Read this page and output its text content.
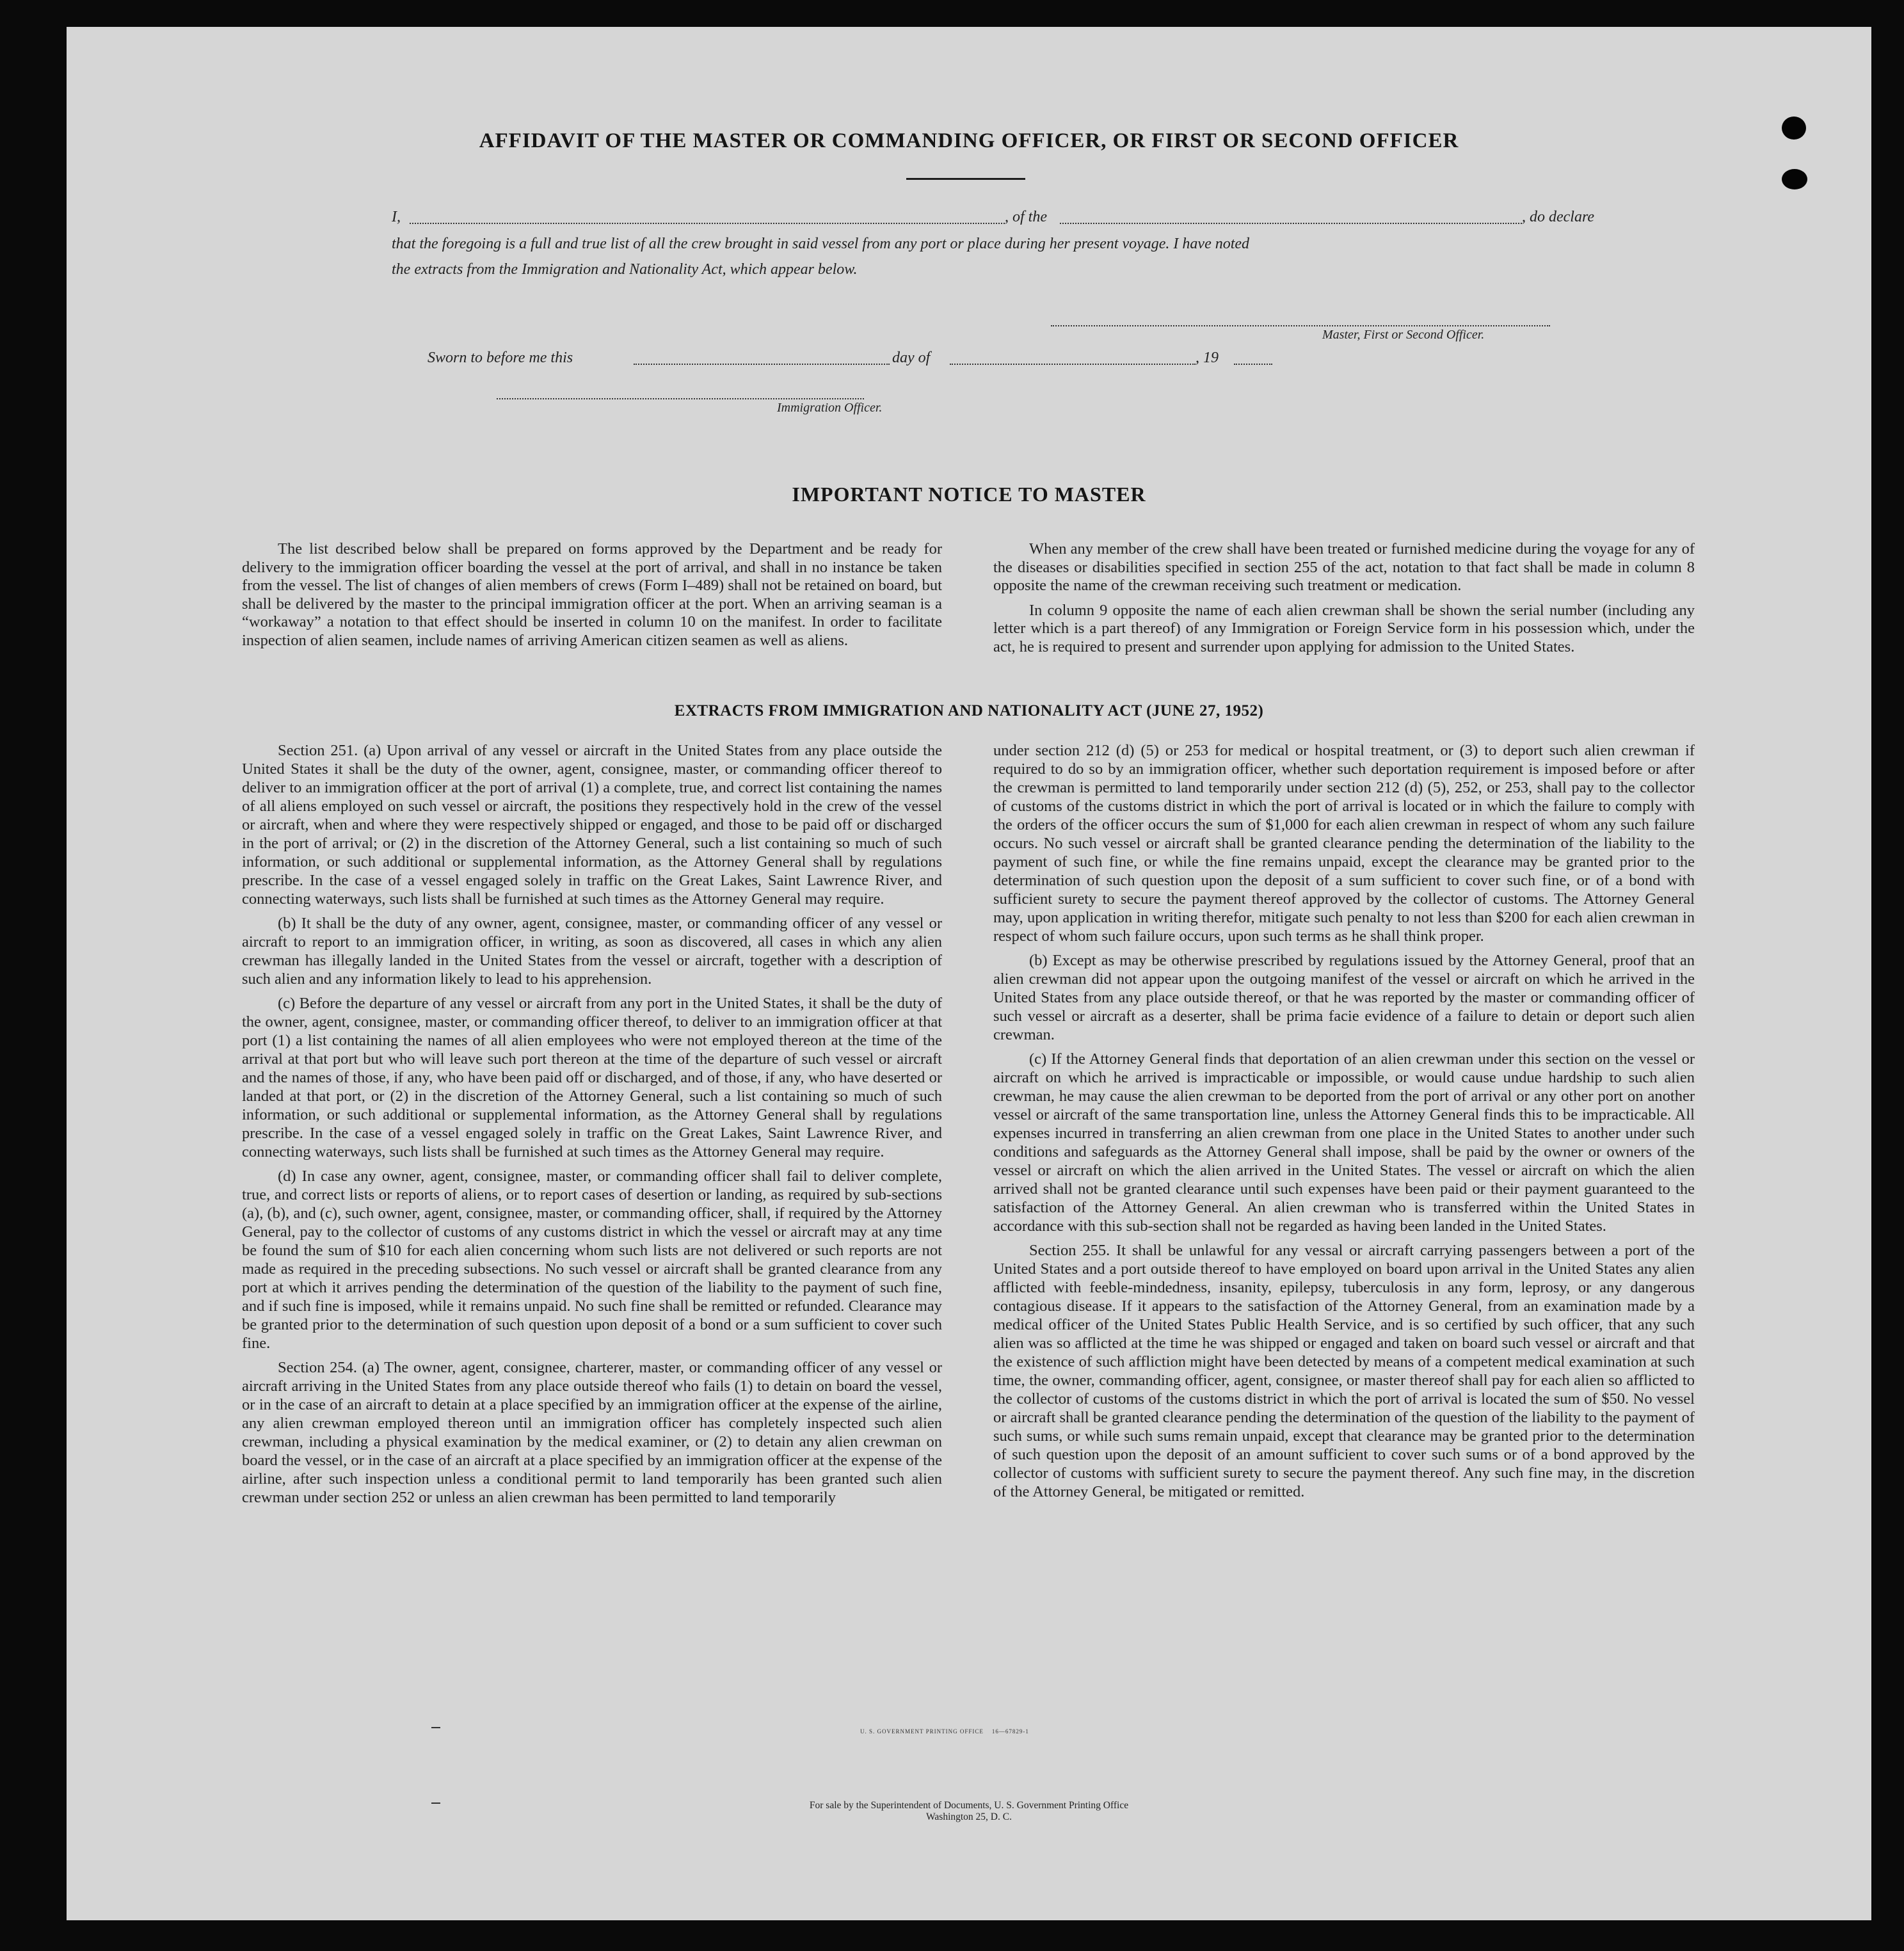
AFFIDAVIT OF THE MASTER OR COMMANDING OFFICER, OR FIRST OR SECOND OFFICER
I,	, of the	, do declare
that the foregoing is a full and true list of all the crew brought in said vessel from any port or place during her present voyage. I have noted
the extracts from the Immigration and Nationality Act, which appear below.
Master, First or Second Officer.
Sworn to before me this	day of	, 19
Immigration Officer.
IMPORTANT NOTICE TO MASTER

The list described below shall be prepared on forms approved by the Department and be ready for delivery to the immigration officer boarding the vessel at the port of arrival, and shall in no instance be taken from the vessel. The list of changes of alien members of crews (Form I–489) shall not be retained on board, but shall be delivered by the master to the principal immigration officer at the port. When an arriving seaman is a “workaway” a notation to that effect should be inserted in column 10 on the manifest. In order to facilitate inspection of alien seamen, include names of arriving American citizen seamen as well as aliens.

When any member of the crew shall have been treated or furnished medicine during the voyage for any of the diseases or disabilities specified in section 255 of the act, notation to that fact shall be made in column 8 opposite the name of the crewman receiving such treatment or medication.

In column 9 opposite the name of each alien crewman shall be shown the serial number (including any letter which is a part thereof) of any Immigration or Foreign Service form in his possession which, under the act, he is required to present and surrender upon applying for admission to the United States.

EXTRACTS FROM IMMIGRATION AND NATIONALITY ACT (JUNE 27, 1952)

Section 251. (a) Upon arrival of any vessel or aircraft in the United States from any place outside the United States it shall be the duty of the owner, agent, consignee, master, or commanding officer thereof to deliver to an immigration officer at the port of arrival (1) a complete, true, and correct list containing the names of all aliens employed on such vessel or aircraft, the positions they respectively hold in the crew of the vessel or aircraft, when and where they were respectively shipped or engaged, and those to be paid off or discharged in the port of arrival; or (2) in the discretion of the Attorney General, such a list containing so much of such information, or such additional or supplemental information, as the Attorney General shall by regulations prescribe. In the case of a vessel engaged solely in traffic on the Great Lakes, Saint Lawrence River, and connecting waterways, such lists shall be furnished at such times as the Attorney General may require.

(b) It shall be the duty of any owner, agent, consignee, master, or commanding officer of any vessel or aircraft to report to an immigration officer, in writing, as soon as discovered, all cases in which any alien crewman has illegally landed in the United States from the vessel or aircraft, together with a description of such alien and any information likely to lead to his apprehension.

(c) Before the departure of any vessel or aircraft from any port in the United States, it shall be the duty of the owner, agent, consignee, master, or commanding officer thereof, to deliver to an immigration officer at that port (1) a list containing the names of all alien employees who were not employed thereon at the time of the arrival at that port but who will leave such port thereon at the time of the departure of such vessel or aircraft and the names of those, if any, who have been paid off or discharged, and of those, if any, who have deserted or landed at that port, or (2) in the discretion of the Attorney General, such a list containing so much of such information, or such additional or supplemental information, as the Attorney General shall by regulations prescribe. In the case of a vessel engaged solely in traffic on the Great Lakes, Saint Lawrence River, and connecting waterways, such lists shall be furnished at such times as the Attorney General may require.

(d) In case any owner, agent, consignee, master, or commanding officer shall fail to deliver complete, true, and correct lists or reports of aliens, or to report cases of desertion or landing, as required by sub-sections (a), (b), and (c), such owner, agent, consignee, master, or commanding officer, shall, if required by the Attorney General, pay to the collector of customs of any customs district in which the vessel or aircraft may at any time be found the sum of $10 for each alien concerning whom such lists are not delivered or such reports are not made as required in the preceding subsections. No such vessel or aircraft shall be granted clearance from any port at which it arrives pending the determination of the question of the liability to the payment of such fine, and if such fine is imposed, while it remains unpaid. No such fine shall be remitted or refunded. Clearance may be granted prior to the determination of such question upon deposit of a bond or a sum sufficient to cover such fine.

Section 254. (a) The owner, agent, consignee, charterer, master, or commanding officer of any vessel or aircraft arriving in the United States from any place outside thereof who fails (1) to detain on board the vessel, or in the case of an aircraft to detain at a place specified by an immigration officer at the expense of the airline, any alien crewman employed thereon until an immigration officer has completely inspected such alien crewman, including a physical examination by the medical examiner, or (2) to detain any alien crewman on board the vessel, or in the case of an aircraft at a place specified by an immigration officer at the expense of the airline, after such inspection unless a conditional permit to land temporarily has been granted such alien crewman under section 252 or unless an alien crewman has been permitted to land temporarily

under section 212 (d) (5) or 253 for medical or hospital treatment, or (3) to deport such alien crewman if required to do so by an immigration officer, whether such deportation requirement is imposed before or after the crewman is permitted to land temporarily under section 212 (d) (5), 252, or 253, shall pay to the collector of customs of the customs district in which the port of arrival is located or in which the failure to comply with the orders of the officer occurs the sum of $1,000 for each alien crewman in respect of whom any such failure occurs. No such vessel or aircraft shall be granted clearance pending the determination of the liability to the payment of such fine, or while the fine remains unpaid, except the clearance may be granted prior to the determination of such question upon the deposit of a sum sufficient to cover such fine, or of a bond with sufficient surety to secure the payment thereof approved by the collector of customs. The Attorney General may, upon application in writing therefor, mitigate such penalty to not less than $200 for each alien crewman in respect of whom such failure occurs, upon such terms as he shall think proper.

(b) Except as may be otherwise prescribed by regulations issued by the Attorney General, proof that an alien crewman did not appear upon the outgoing manifest of the vessel or aircraft on which he arrived in the United States from any place outside thereof, or that he was reported by the master or commanding officer of such vessel or aircraft as a deserter, shall be prima facie evidence of a failure to detain or deport such alien crewman.

(c) If the Attorney General finds that deportation of an alien crewman under this section on the vessel or aircraft on which he arrived is impracticable or impossible, or would cause undue hardship to such alien crewman, he may cause the alien crewman to be deported from the port of arrival or any other port on another vessel or aircraft of the same transportation line, unless the Attorney General finds this to be impracticable. All expenses incurred in transferring an alien crewman from one place in the United States to another under such conditions and safeguards as the Attorney General shall impose, shall be paid by the owner or owners of the vessel or aircraft on which the alien arrived in the United States. The vessel or aircraft on which the alien arrived shall not be granted clearance until such expenses have been paid or their payment guaranteed to the satisfaction of the Attorney General. An alien crewman who is transferred within the United States in accordance with this sub-section shall not be regarded as having been landed in the United States.

Section 255. It shall be unlawful for any vessal or aircraft carrying passengers between a port of the United States and a port outside thereof to have employed on board upon arrival in the United States any alien afflicted with feeble-mindedness, insanity, epilepsy, tuberculosis in any form, leprosy, or any dangerous contagious disease. If it appears to the satisfaction of the Attorney General, from an examination made by a medical officer of the United States Public Health Service, and is so certified by such officer, that any such alien was so afflicted at the time he was shipped or engaged and taken on board such vessel or aircraft and that the existence of such affliction might have been detected by means of a competent medical examination at such time, the owner, commanding officer, agent, consignee, or master thereof shall pay for each alien so afflicted to the collector of customs of the customs district in which the port of arrival is located the sum of $50. No vessel or aircraft shall be granted clearance pending the determination of the question of the liability to the payment of such sums, or while such sums remain unpaid, except that clearance may be granted prior to the determination of such question upon the deposit of an amount sufficient to cover such sums or of a bond approved by the collector of customs with sufficient surety to secure the payment thereof. Any such fine may, in the discretion of the Attorney General, be mitigated or remitted.

U. S. GOVERNMENT PRINTING OFFICE    16—67829-1
For sale by the Superintendent of Documents, U. S. Government Printing Office
Washington 25, D. C.
